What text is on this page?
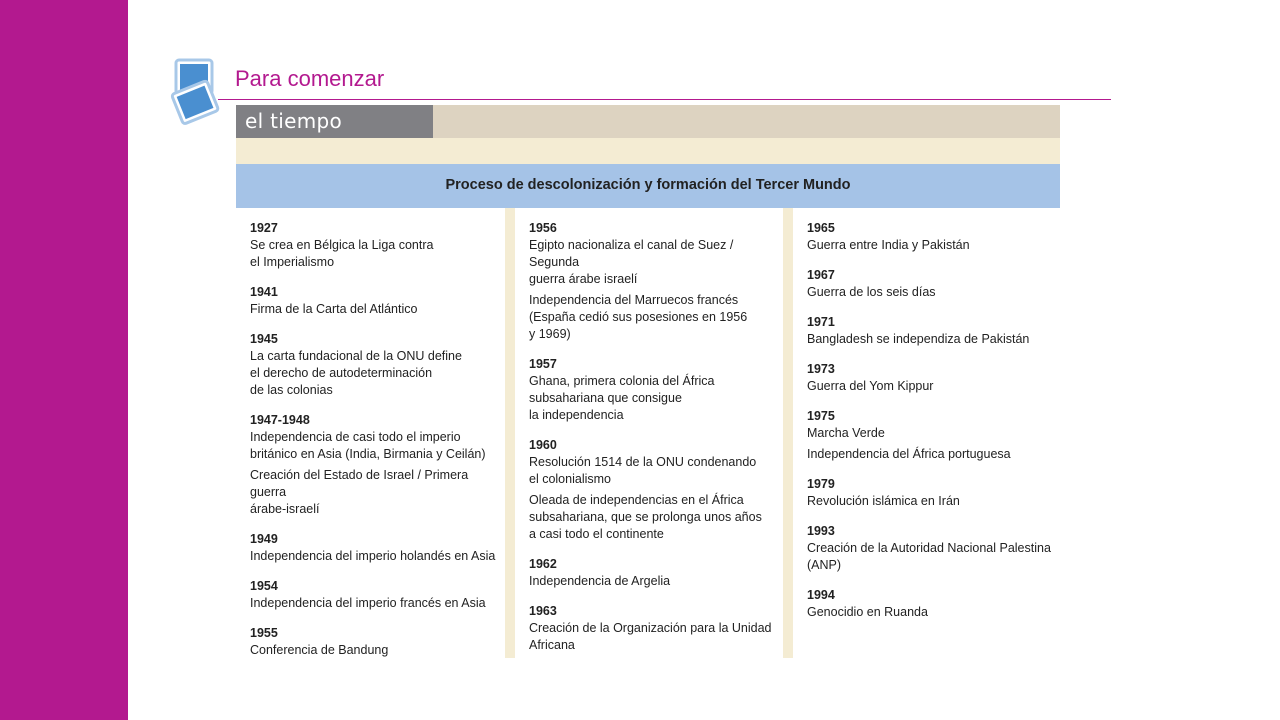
Para comenzar
el tiempo
Proceso de descolonización y formación del Tercer Mundo
1927
Se crea en Bélgica la Liga contra
el Imperialismo
1941
Firma de la Carta del Atlántico
1945
La carta fundacional de la ONU define
el derecho de autodeterminación
de las colonias
1947-1948
Independencia de casi todo el imperio
británico en Asia (India, Birmania y Ceilán)
Creación del Estado de Israel / Primera guerra
árabe-israelí
1949
Independencia del imperio holandés en Asia
1954
Independencia del imperio francés en Asia
1955
Conferencia de Bandung
1956
Egipto nacionaliza el canal de Suez / Segunda
guerra árabe israelí
Independencia del Marruecos francés
(España cedió sus posesiones en 1956
y 1969)
1957
Ghana, primera colonia del África
subsahariana que consigue
la independencia
1960
Resolución 1514 de la ONU condenando
el colonialismo
Oleada de independencias en el África
subsahariana, que se prolonga unos años
a casi todo el continente
1962
Independencia de Argelia
1963
Creación de la Organización para la Unidad
Africana
1965
Guerra entre India y Pakistán
1967
Guerra de los seis días
1971
Bangladesh se independiza de Pakistán
1973
Guerra del Yom Kippur
1975
Marcha Verde
Independencia del África portuguesa
1979
Revolución islámica en Irán
1993
Creación de la Autoridad Nacional Palestina
(ANP)
1994
Genocidio en Ruanda
